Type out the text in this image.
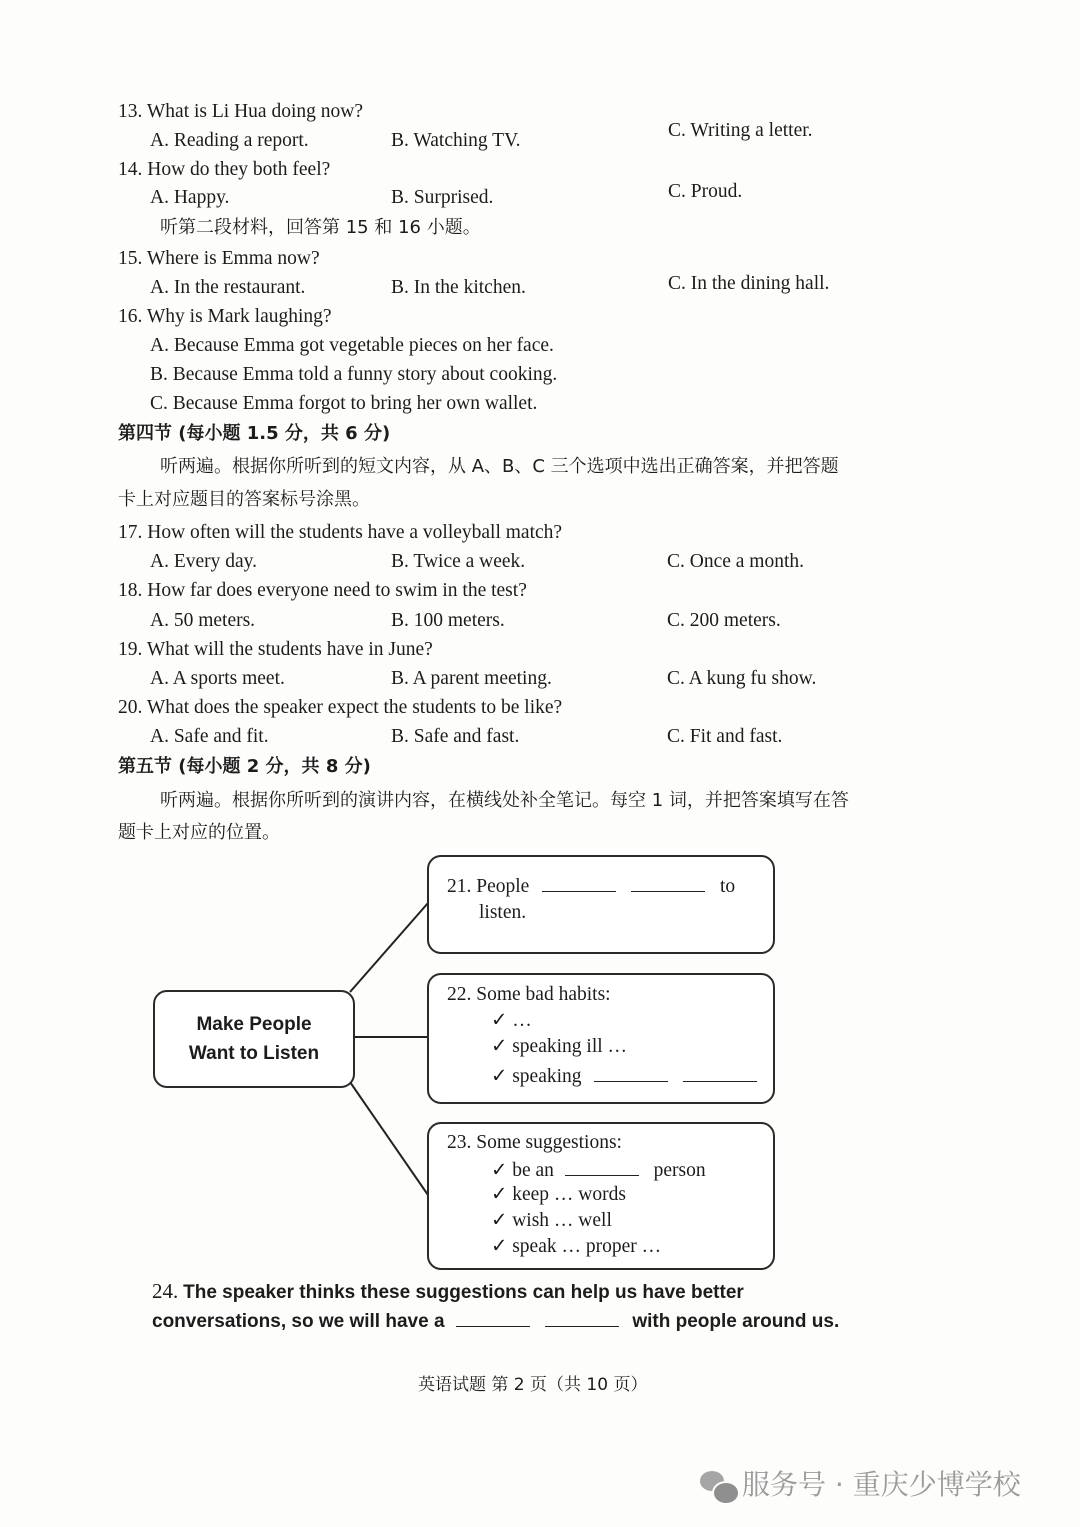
13. What is Li Hua doing now?
A. Reading a report.	B. Watching TV.	C. Writing a letter.
14. How do they both feel?
A. Happy.	B. Surprised.	C. Proud.
听第二段材料，回答第 15 和 16 小题。
15. Where is Emma now?
A. In the restaurant.	B. In the kitchen.	C. In the dining hall.
16. Why is Mark laughing?
A. Because Emma got vegetable pieces on her face.
B. Because Emma told a funny story about cooking.
C. Because Emma forgot to bring her own wallet.
第四节 (每小题 1.5 分，共 6 分)
听两遍。根据你所听到的短文内容，从 A、B、C 三个选项中选出正确答案，并把答题
卡上对应题目的答案标号涂黑。
17. How often will the students have a volleyball match?
A. Every day.	B. Twice a week.	C. Once a month.
18. How far does everyone need to swim in the test?
A. 50 meters.	B. 100 meters.	C. 200 meters.
19. What will the students have in June?
A. A sports meet.	B. A parent meeting.	C. A kung fu show.
20. What does the speaker expect the students to be like?
A. Safe and fit.	B. Safe and fast.	C. Fit and fast.
第五节 (每小题 2 分，共 8 分)
听两遍。根据你所听到的演讲内容，在横线处补全笔记。每空 1 词，并把答案填写在答
题卡上对应的位置。
Make People
Want to Listen
21. People	to
listen.
22. Some bad habits:
✓ …
✓ speaking ill …
✓ speaking
23. Some suggestions:
✓ be an	person
✓ keep … words
✓ wish … well
✓ speak … proper …
24. The speaker thinks these suggestions can help us have better
conversations, so we will have a	with people around us.
英语试题 第 2 页（共 10 页）
服务号 · 重庆少博学校
